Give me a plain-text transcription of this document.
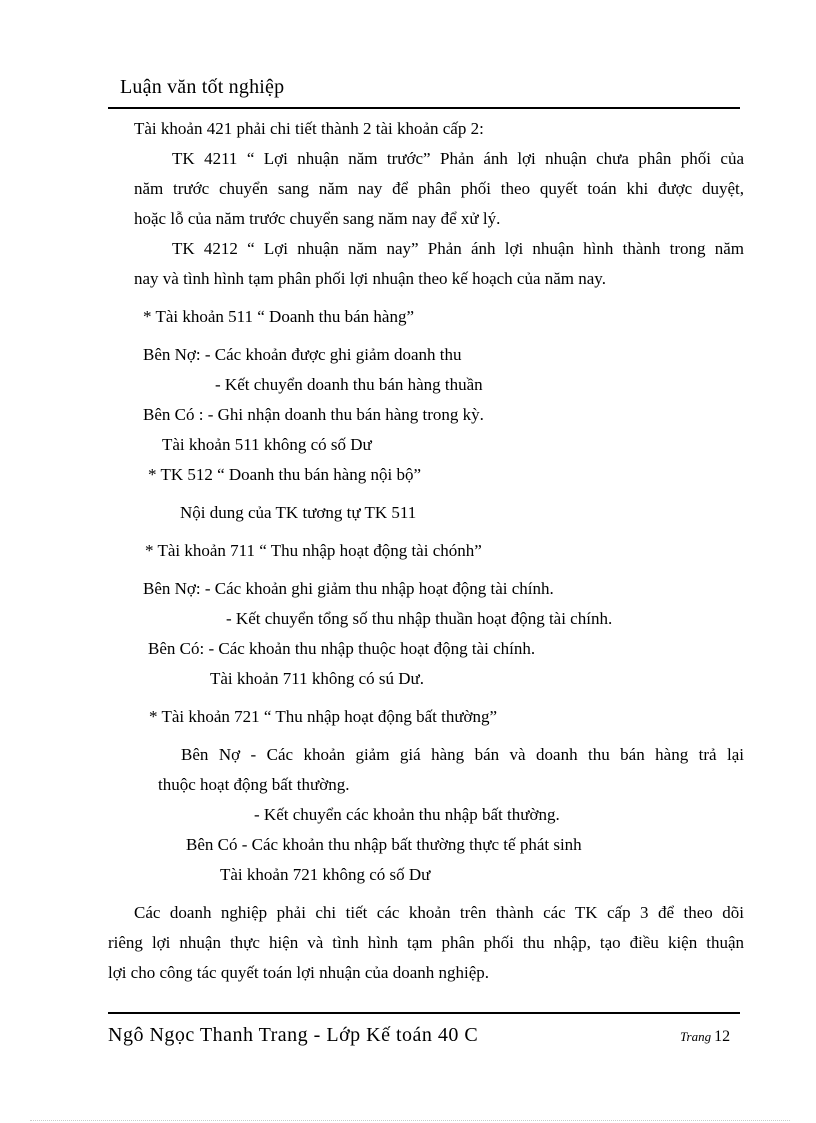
Luận văn tốt nghiệp
Tài khoản 421 phải chi tiết thành 2 tài khoản cấp 2:
TK 4211 “ Lợi nhuận năm trước” Phản ánh lợi nhuận chưa phân phối của
năm trước chuyển sang năm nay để phân phối theo quyết toán khi được duyệt,
hoặc lỗ của năm trước chuyển sang năm nay để xử lý.
TK 4212 “ Lợi nhuận năm nay” Phản ánh lợi nhuận hình thành trong năm
nay và tình hình tạm phân phối lợi nhuận theo kế hoạch của năm nay.
* Tài khoản 511 “ Doanh thu bán hàng”
Bên Nợ: - Các khoản được ghi giảm doanh thu
- Kết chuyển doanh thu bán hàng thuần
Bên Có : - Ghi nhận doanh thu bán hàng trong kỳ.
Tài khoản 511 không có số Dư
* TK 512 “ Doanh thu bán hàng nội bộ”
Nội dung của TK tương tự TK 511
* Tài khoản 711 “ Thu nhập hoạt động tài chónh”
Bên Nợ: - Các khoản ghi giảm thu nhập hoạt động tài chính.
- Kết chuyển tổng số thu nhập thuần hoạt động tài chính.
Bên Có: - Các khoản thu nhập thuộc hoạt động tài chính.
Tài khoản 711 không có sú Dư.
* Tài khoản 721 “ Thu nhập hoạt động bất thường”
Bên Nợ - Các khoản giảm giá hàng bán và doanh thu bán hàng trả lại
thuộc hoạt động bất thường.
- Kết chuyển các khoản thu nhập bất thường.
Bên Có - Các khoản thu nhập bất thường thực tế phát sinh
Tài khoản 721 không có số Dư
Các doanh nghiệp phải chi tiết các khoản trên thành các TK cấp 3 để theo dõi
riêng lợi nhuận thực hiện và tình hình tạm phân phối thu nhập, tạo điều kiện thuận
lợi cho công tác quyết toán lợi nhuận của doanh nghiệp.
Ngô Ngọc Thanh Trang - Lớp Kế toán 40 C	Trang 12
